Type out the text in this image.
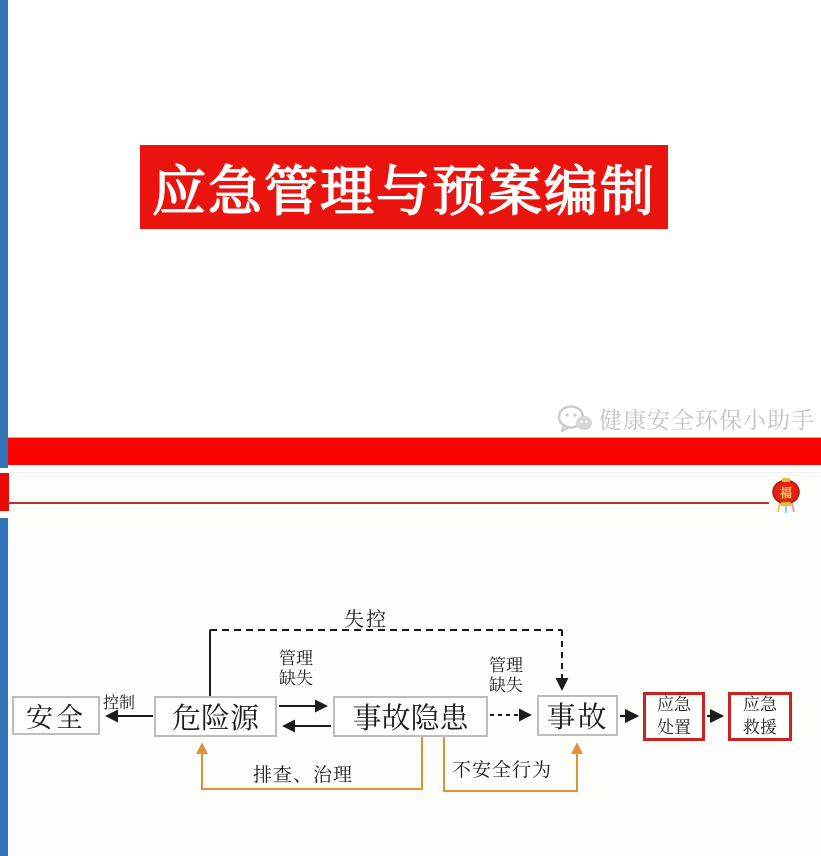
应急管理与预案编制
健康安全环保小助手
福
安全	危险源	事故隐患	事故	应急
处置
应急
救援
控制
失控
管理
缺失
管理
缺失
排查、治理	不安全行为
